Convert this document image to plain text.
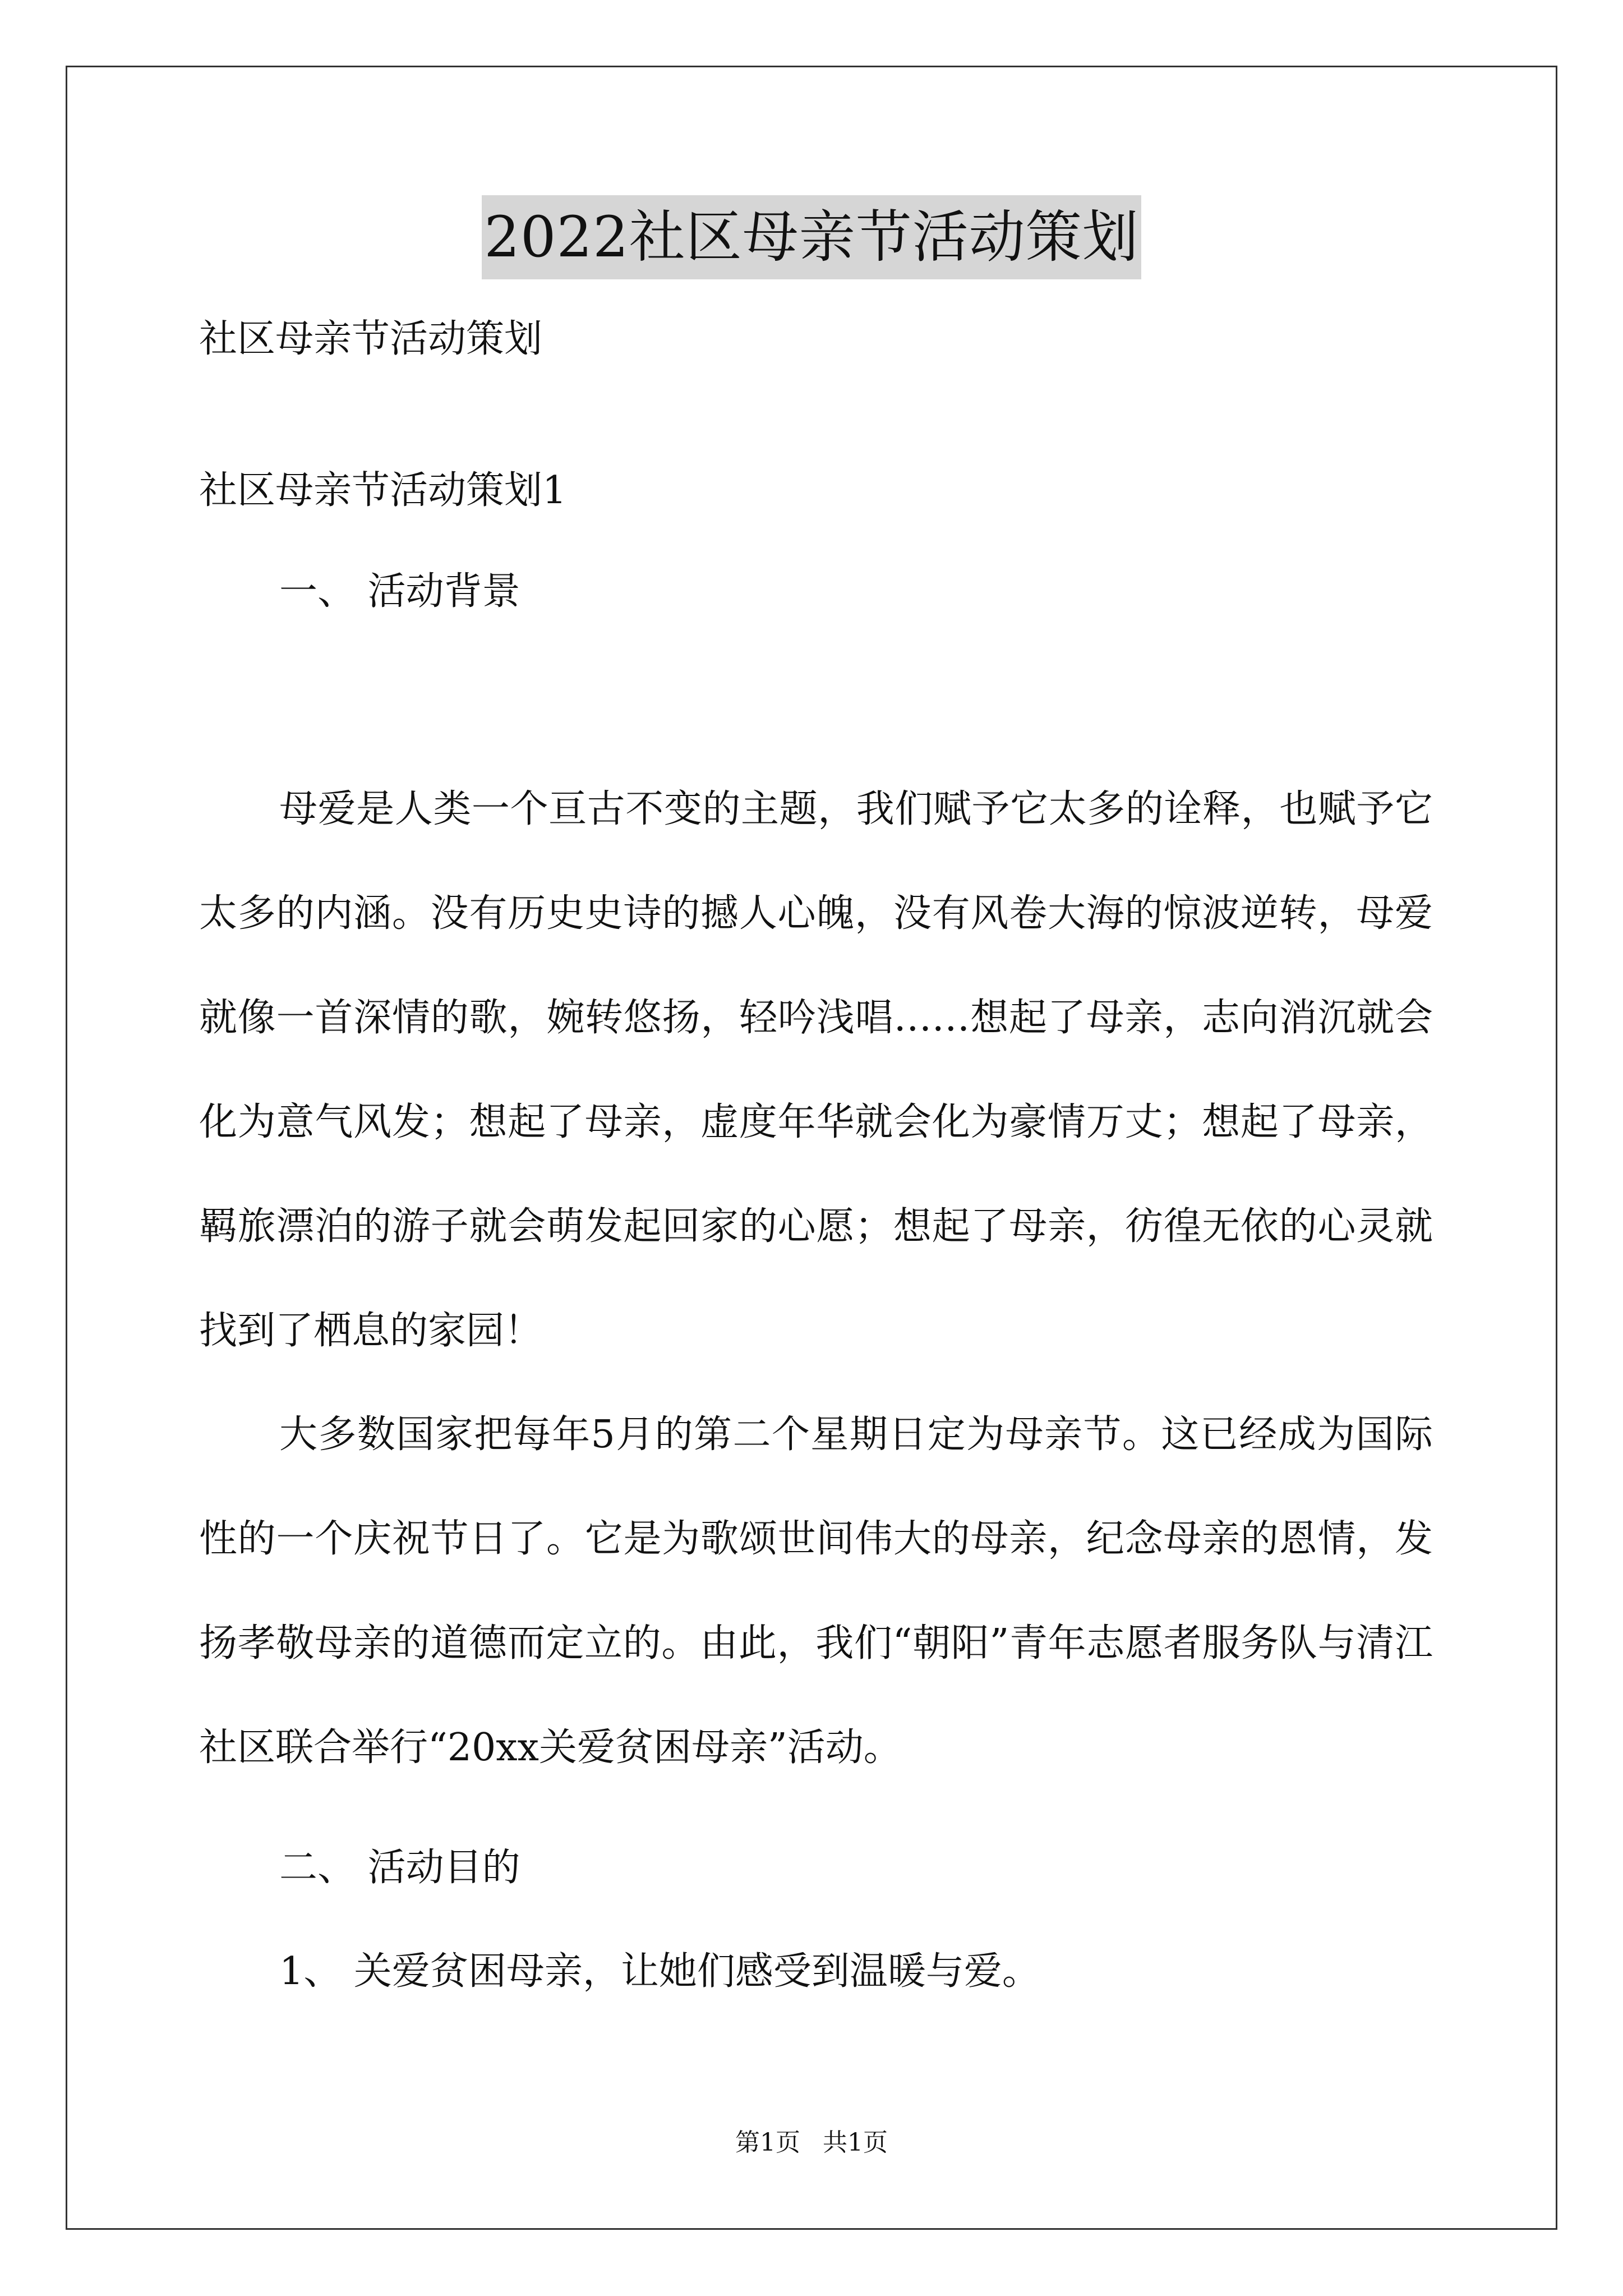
2022社区母亲节活动策划
社区母亲节活动策划
社区母亲节活动策划1
一、 活动背景
母爱是人类一个亘古不变的主题，我们赋予它太多的诠释，也赋予它太多的内涵。没有历史史诗的撼人心魄，没有风卷大海的惊波逆转，母爱就像一首深情的歌，婉转悠扬，轻吟浅唱……想起了母亲，志向消沉就会化为意气风发；想起了母亲，虚度年华就会化为豪情万丈；想起了母亲，羁旅漂泊的游子就会萌发起回家的心愿；想起了母亲，彷徨无依的心灵就找到了栖息的家园！
大多数国家把每年5月的第二个星期日定为母亲节。这已经成为国际性的一个庆祝节日了。它是为歌颂世间伟大的母亲，纪念母亲的恩情，发扬孝敬母亲的道德而定立的。由此，我们“朝阳”青年志愿者服务队与清江社区联合举行“20xx关爱贫困母亲”活动。
二、 活动目的
1、 关爱贫困母亲，让她们感受到温暖与爱。
第1页 共1页
